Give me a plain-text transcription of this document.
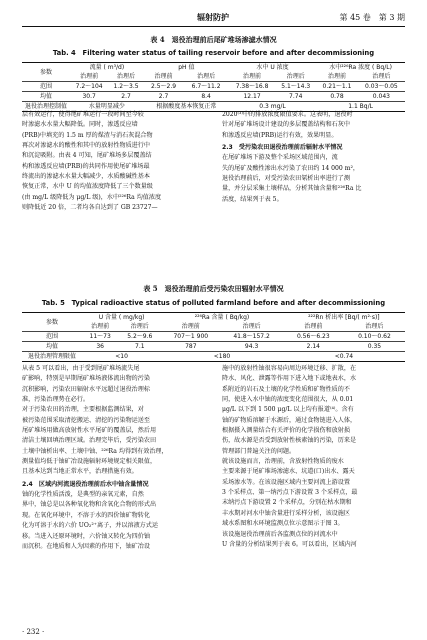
辐射防护	第 45 卷　第 3 期
表 4　退役治理前后尾矿堆场渗滤水情况
Tab. 4　Filtering water status of tailing reservoir before and after decommissioning
参数	流量 ( m³/d)		pH 值		水中 U 浓度		水中²²⁶Ra 浓度 ( Bq/L)	
	治理前	治理后	治理前	治理后	治理前	治理后	治理前	治理后
范围	7.2～104	1.2～3.5	2.5～2.9	6.7～11.2	7.38～16.8	5.1～14.3	0.21～1.1	0.03～0.05
均值	30.7	2.7	2.7	8.4	12.17	7.74	0.78	0.043
退役治理控制值	水量明显减少		根据酸度基本恢复正常		0.3 mg/L		1.1 Bq/L	

层有效运行，使得尾矿堆运行一段时间至今较

时渗滤水水量大幅降低。同时，渗透反应墙

(PRB)中填充的 1.5 m 厚的煤渣与消石灰混合物

再次对渗滤水的酸性和其中的放射性物质进行中

和沉淀吸附。由表 4 可知，尾矿堆场多层覆盖结

构和渗透反应墙(PRB)的共同作用使尾矿堆场最

终流出的渗滤水水量大幅减少，水质酸碱性基本

恢复正常，水中 U 的均值浓度降低了三个数量级

(由 mg/L 级降低为 μg/L 级)，水中²²⁶Ra 均值浓度

则降低近 20 倍，二者均各自达到了 GB 23727—

2020⁽³⁾中的排放浓度限值要求。这表明，退役时

针对尾矿堆场设计建设的多层覆盖结构和石灰中

和渗透反应墙(PRB)运行有效，效果明显。

2.3　受污染农田退役治理前后辐射水平情况

在尾矿堆场下游及整个采场区域范围内，流

失的尾矿及酸性渗出水污染了农田约 14 000 m²，

退役治理前后，对受污染农田氡析出率进行了测

量，并分层采集土壤样品，分析其铀含量和²²⁶Ra 比

活度，结果列于表 5。

表 5　退役治理前后受污染农田辐射水平情况
Tab. 5　Typical radioactive status of polluted farmland before and after decommissioning
参数	U 含量 ( mg/kg)		²²⁶Ra 含量 ( Bq/kg)		²²²Rn 析出率 [Bq/( m²·s)]	
	治理前	治理后	治理前	治理后	治理前	治理后
范围	11～73	5.2～9.6	707～1 900	41.8～157.2	0.56～6.23	0.10～0.62
均值	36	7.1	787	94.3	2.14	0.35
退役治理管理限值	<10		<180		<0.74	

从表 5 可以看出，由于受到尾矿堆场流失尾

矿影响，特别是早期尾矿堆场液体流出物的污染

沉积影响，污染农田辐射水平远超过退役治理标

准，污染治理势在必行。

对于污染农田的治理，主要根据监测结果，对

被污染范围采取清挖搬运、清挖的污染物运送至

尾矿堆场用做高放射性水平尾矿的覆盖层，然后用

清洁土壤回填治理区域。治理完毕后，受污染农田

土壤中铀析出率、土壤中铀、²²⁶Ra 均得到有效治理，

测量值均低于铀矿冶设施辐射环境规定相关限值，

且基本达到当地正常水平，治理措施有效。

2.4　区域内河流退役治理前后水中铀含量情况

铀的化学性质活泼，是典型的亲氧元素，自然

界中，铀总是以各种氧化物和含氧化合物的形式出

现。在氧化环境中，不溶于水的四价铀矿物转化

化为可溶于水的六价 UO₂²⁺离子，并以溶液方式运

移。当进入还原环境时，六价铀又转化为四价铀

而沉积。在地质和人为因素的作用下，铀矿冶设

施中的放射性铀很容易向周边环境迁移、扩散，在

降水、风化、泄露等作用下进入地下或地表水，水

系附近的岩石及土壤的化学性质和矿物性质的不

同，使进入水中铀的浓度变化范围很大，从 0.01

μg/L 以下到 1 500 μg/L 以上均有报道⁽⁴⁾。含有

铀的矿物质溶解于水源后，通过食物链进入人体，

根据摄入测量结合有关评价的化学损伤和放射损

伤，故水源是否受到放射性核素铀的污染，历来是

管理部门普遍关注的问题。

就该设施而言，治理前，含放射性物质的废水

主要来源于尾矿堆场渗滤水、坑道(口)出水、露天

采场渗水等。在该设施区域内主要河流上游设置

3 个采样点、第一纳污点下游设置 3 个采样点，最

末纳污点下游设置 2 个采样点，分别在枯水期和

丰水期对河水中铀含量进行采样分析，该设施区

域水系图和水环境监测点位示意图示于图 3。

该设施退役治理前后各监测点位的河流水中

U 含量的分析结果列于表 6。可以看出，区域内河

· 232 ·
